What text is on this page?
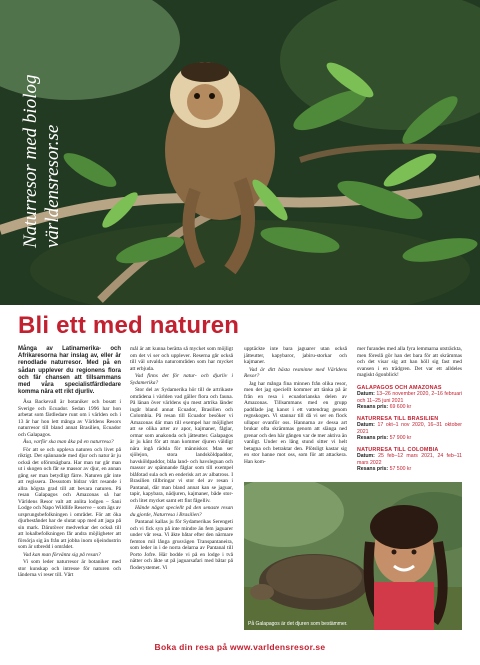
Naturresor med biolog världensresor.se
Bli ett med naturen

Många av Latinamerika- och Afrikaresorna har inslag av, eller är renodlade naturresor. Med på en sådan upplever du regionens flora och fär chansen att tillsammans med våra specialistfärdledare komma nära ett rikt djurliv.

Åsa Backevall är botaniker och bosatt i Sverige och Ecuador. Sedan 1996 har hon arbetat som färdledare runt om i världen och i 13 år har hon lett många av Världens Resors naturresor till bland annat Brasilien, Ecuador och Galapagos.

Åsa, varför ska man åka på en naturresa?

För att se och uppleva naturen och livet på riktigt. Det spännande med djur och natur är ju också det oförutsägbara. Har man tur går man ut i skogen och får se massor av djur, en annan gång ser man betydligt färre. Naturen går inte att regissera. Dessutom bidrar vårt resande i allra högsta grad till att bevara naturen. På resan Galapagos och Amazonas så har Världens Resor valt att anlita lodgen – Sani Lodge och Napo Wildlife Reserve – som ägs av ursprungsbefolkningen i området. För att öka djurbeståndet har de slutat upp med att jaga på sin mark. Därutöver medverkar det också till att lokalbefolkningen får andra möjligheter att försörja sig än från att jobba inom oljeindustrin som är utbredd i området.

Vad kan man förvänta sig på resan?

Vi som leder naturresor är botaniker med stor kunskap och intresse för naturen och länderna vi reser till. Vårt

mål är att kunna berätta så mycket som möjligt om det vi ser och upplever. Reserna går också till väl utvalda naturområden som har mycket att erbjuda.

Vad finns det för natur- och djurliv i Sydamerika?

Stor del av Sydamerika hör till de artrikaste områdena i världen vad gäller flora och fauna. På länan över världens sju mest artrika länder ingår bland annat Ecuador, Brasilien och Colombia. På resan till Ecuador besöker vi Amazonas där man till exempel har möjlighet att se olika arter av apor, kajmaner, fåglar, ormar som anakonda och jätteutter. Galapagos är ju känt för att man kommer djuren väldigt nära ingå rädsla för människor. Man ser sjölejon, stora landsköldpaddor, havsköldpaddor, blåa land- och havsleguan och massor av spännande fåglar som till exempel blåfotad sula och en enderisk art av albatross. I Brasilien tillbringar vi stor del av resan i Pantanal, där man bland annat kan se jaguar, tapir, kapybara, nädjuren, kajmaner, både stor- och litet mycket samt ett fint fågelliv.

Hände något speciellt på den senaste resan du gjorde, Naturresa i Brasilien?

Pantanal kallas ju för Sydamerikas Serengeti och vi fick syn på inte mindre än fem jaguarer under vår resa. Vi åkte båtar efter den närmare femton mil långa grusvägen Transpantaneira, som leder in i de norra delarna av Pantanal till Porto Jofre. Här bodde vi på en lodge i två nätter och åkte ut på jaguarsafari med båtar på floderystemet. Vi

upptäckte inte bara jaguarer utan också jätteutter, kapybaror, jabiru-storkar och kajmaner.

Vad är ditt bästa resminne med Världens Resor?

Jag har många fina minnen från olika resor, men det jag speciellt kommer att tänka på är från en resa i ecuadorianska delen av Amazonas. Tillsammans med en grupp paddlade jag kanot i ett vattendrag genom regnskogen. Vi stannar till då vi ser en flock ullapor ovanför oss. Hannarna av dessa art brukar ofta skrämmas genom att slänga ned grenar och den här gången var de mer aktiva än vanligt. Under en lång stund sitter vi helt betagna och betraktar den. Plötsligt kastar sig en stor hanne mot oss, som för att attackera. Han kom-

mer furandes med alla fyra lemmarna utsträckta, men föreslå gör han det bara för att skrämmas och det visar sig att han höll sig fast med svansen i en trädgren. Det var ett alldeles magiskt ögonblick!

GALAPAGOS OCH AMAZONAS
Datum: 13–26 november 2020, 2–16 februari och 11–25 juni 2021
Resans pris: 69 600 kr
NATURRESA TILL BRASILIEN
Datum: 17 okt–1 nov 2020, 16–31 oktober 2021
Resans pris: 57 900 kr
NATURRESA TILL COLOMBIA
Datum: 25 feb–12 mars 2021, 24 feb–11 mars 2022
Resans pris: 57 500 kr
På Galapagos är det djuren som bestämmer.
Boka din resa på www.varldensresor.se
